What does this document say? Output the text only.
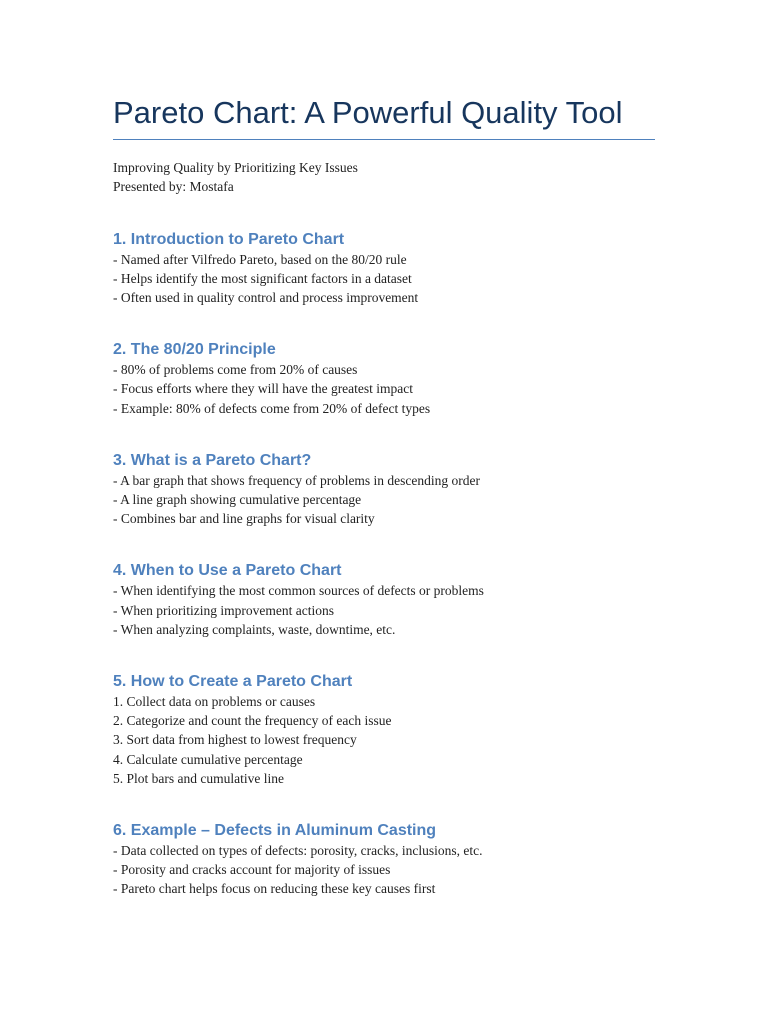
Pareto Chart: A Powerful Quality Tool

Improving Quality by Prioritizing Key Issues

Presented by: Mostafa

1. Introduction to Pareto Chart

- Named after Vilfredo Pareto, based on the 80/20 rule

- Helps identify the most significant factors in a dataset

- Often used in quality control and process improvement

2. The 80/20 Principle

- 80% of problems come from 20% of causes

- Focus efforts where they will have the greatest impact

- Example: 80% of defects come from 20% of defect types

3. What is a Pareto Chart?

- A bar graph that shows frequency of problems in descending order

- A line graph showing cumulative percentage

- Combines bar and line graphs for visual clarity

4. When to Use a Pareto Chart

- When identifying the most common sources of defects or problems

- When prioritizing improvement actions

- When analyzing complaints, waste, downtime, etc.

5. How to Create a Pareto Chart

1. Collect data on problems or causes

2. Categorize and count the frequency of each issue

3. Sort data from highest to lowest frequency

4. Calculate cumulative percentage

5. Plot bars and cumulative line

6. Example – Defects in Aluminum Casting

- Data collected on types of defects: porosity, cracks, inclusions, etc.

- Porosity and cracks account for majority of issues

- Pareto chart helps focus on reducing these key causes first
